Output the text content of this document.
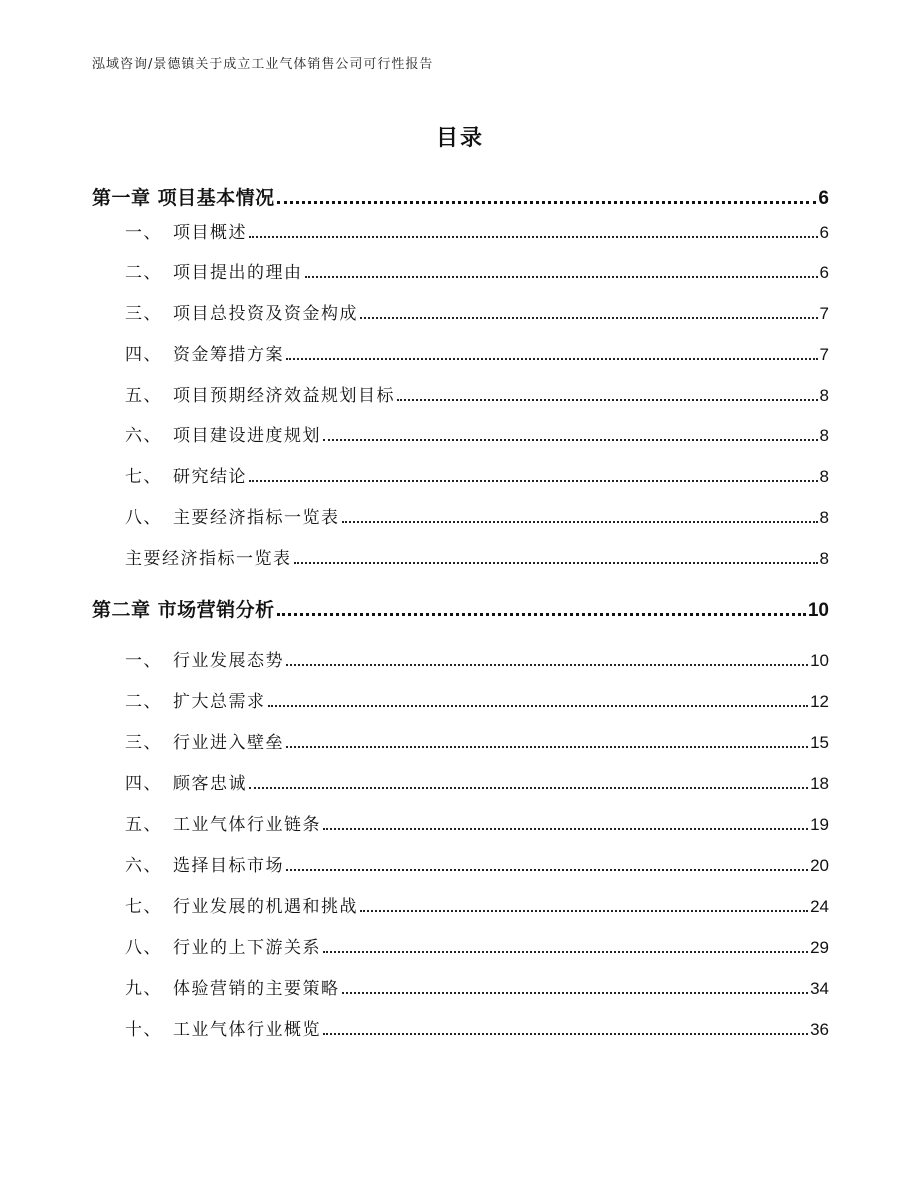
泓域咨询/景德镇关于成立工业气体销售公司可行性报告
目录
第一章 项目基本情况	6
一、 项目概述	6
二、 项目提出的理由	6
三、 项目总投资及资金构成	7
四、 资金筹措方案	7
五、 项目预期经济效益规划目标	8
六、 项目建设进度规划	8
七、 研究结论	8
八、 主要经济指标一览表	8
主要经济指标一览表	8
第二章 市场营销分析	10
一、 行业发展态势	10
二、 扩大总需求	12
三、 行业进入壁垒	15
四、 顾客忠诚	18
五、 工业气体行业链条	19
六、 选择目标市场	20
七、 行业发展的机遇和挑战	24
八、 行业的上下游关系	29
九、 体验营销的主要策略	34
十、 工业气体行业概览	36
